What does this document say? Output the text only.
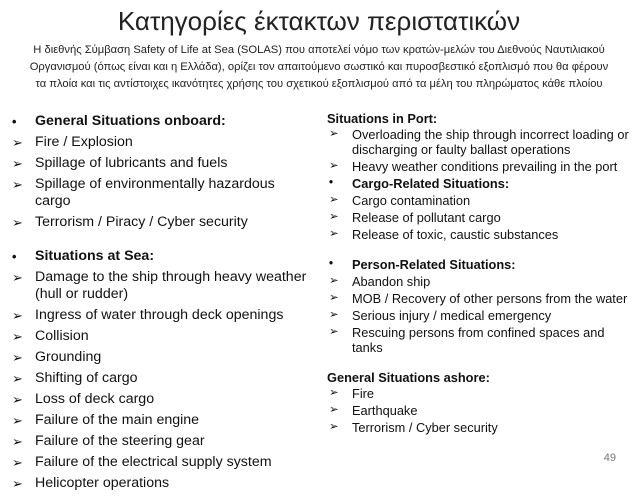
Κατηγορίες έκτακτων περιστατικών
Η διεθνής Σύμβαση Safety of Life at Sea (SOLAS) που αποτελεί νόμο των κρατών-μελών του Διεθνούς Ναυτιλιακού
Οργανισμού (όπως είναι και η Ελλάδα), ορίζει τον απαιτούμενο σωστικό και πυροσβεστικό εξοπλισμό που θα φέρουν
τα πλοία και τις αντίστοιχες ικανότητες χρήσης του σχετικού εξοπλισμού από τα μέλη του πληρώματος κάθε πλοίου
• General Situations onboard:
➢ Fire / Explosion
➢ Spillage of lubricants and fuels
➢ Spillage of environmentally hazardous cargo
➢ Terrorism / Piracy / Cyber security
• Situations at Sea:
➢ Damage to the ship through heavy weather (hull or rudder)
➢ Ingress of water through deck openings
➢ Collision
➢ Grounding
➢ Shifting of cargo
➢ Loss of deck cargo
➢ Failure of the main engine
➢ Failure of the steering gear
➢ Failure of the electrical supply system
➢ Helicopter operations
Situations in Port:
➢ Overloading the ship through incorrect loading or discharging or faulty ballast operations
➢ Heavy weather conditions prevailing in the port
• Cargo-Related Situations:
➢ Cargo contamination
➢ Release of pollutant cargo
➢ Release of toxic, caustic substances
• Person-Related Situations:
➢ Abandon ship
➢ MOB / Recovery of other persons from the water
➢ Serious injury / medical emergency
➢ Rescuing persons from confined spaces and tanks
General Situations ashore:
➢ Fire
➢ Earthquake
➢ Terrorism / Cyber security
49
